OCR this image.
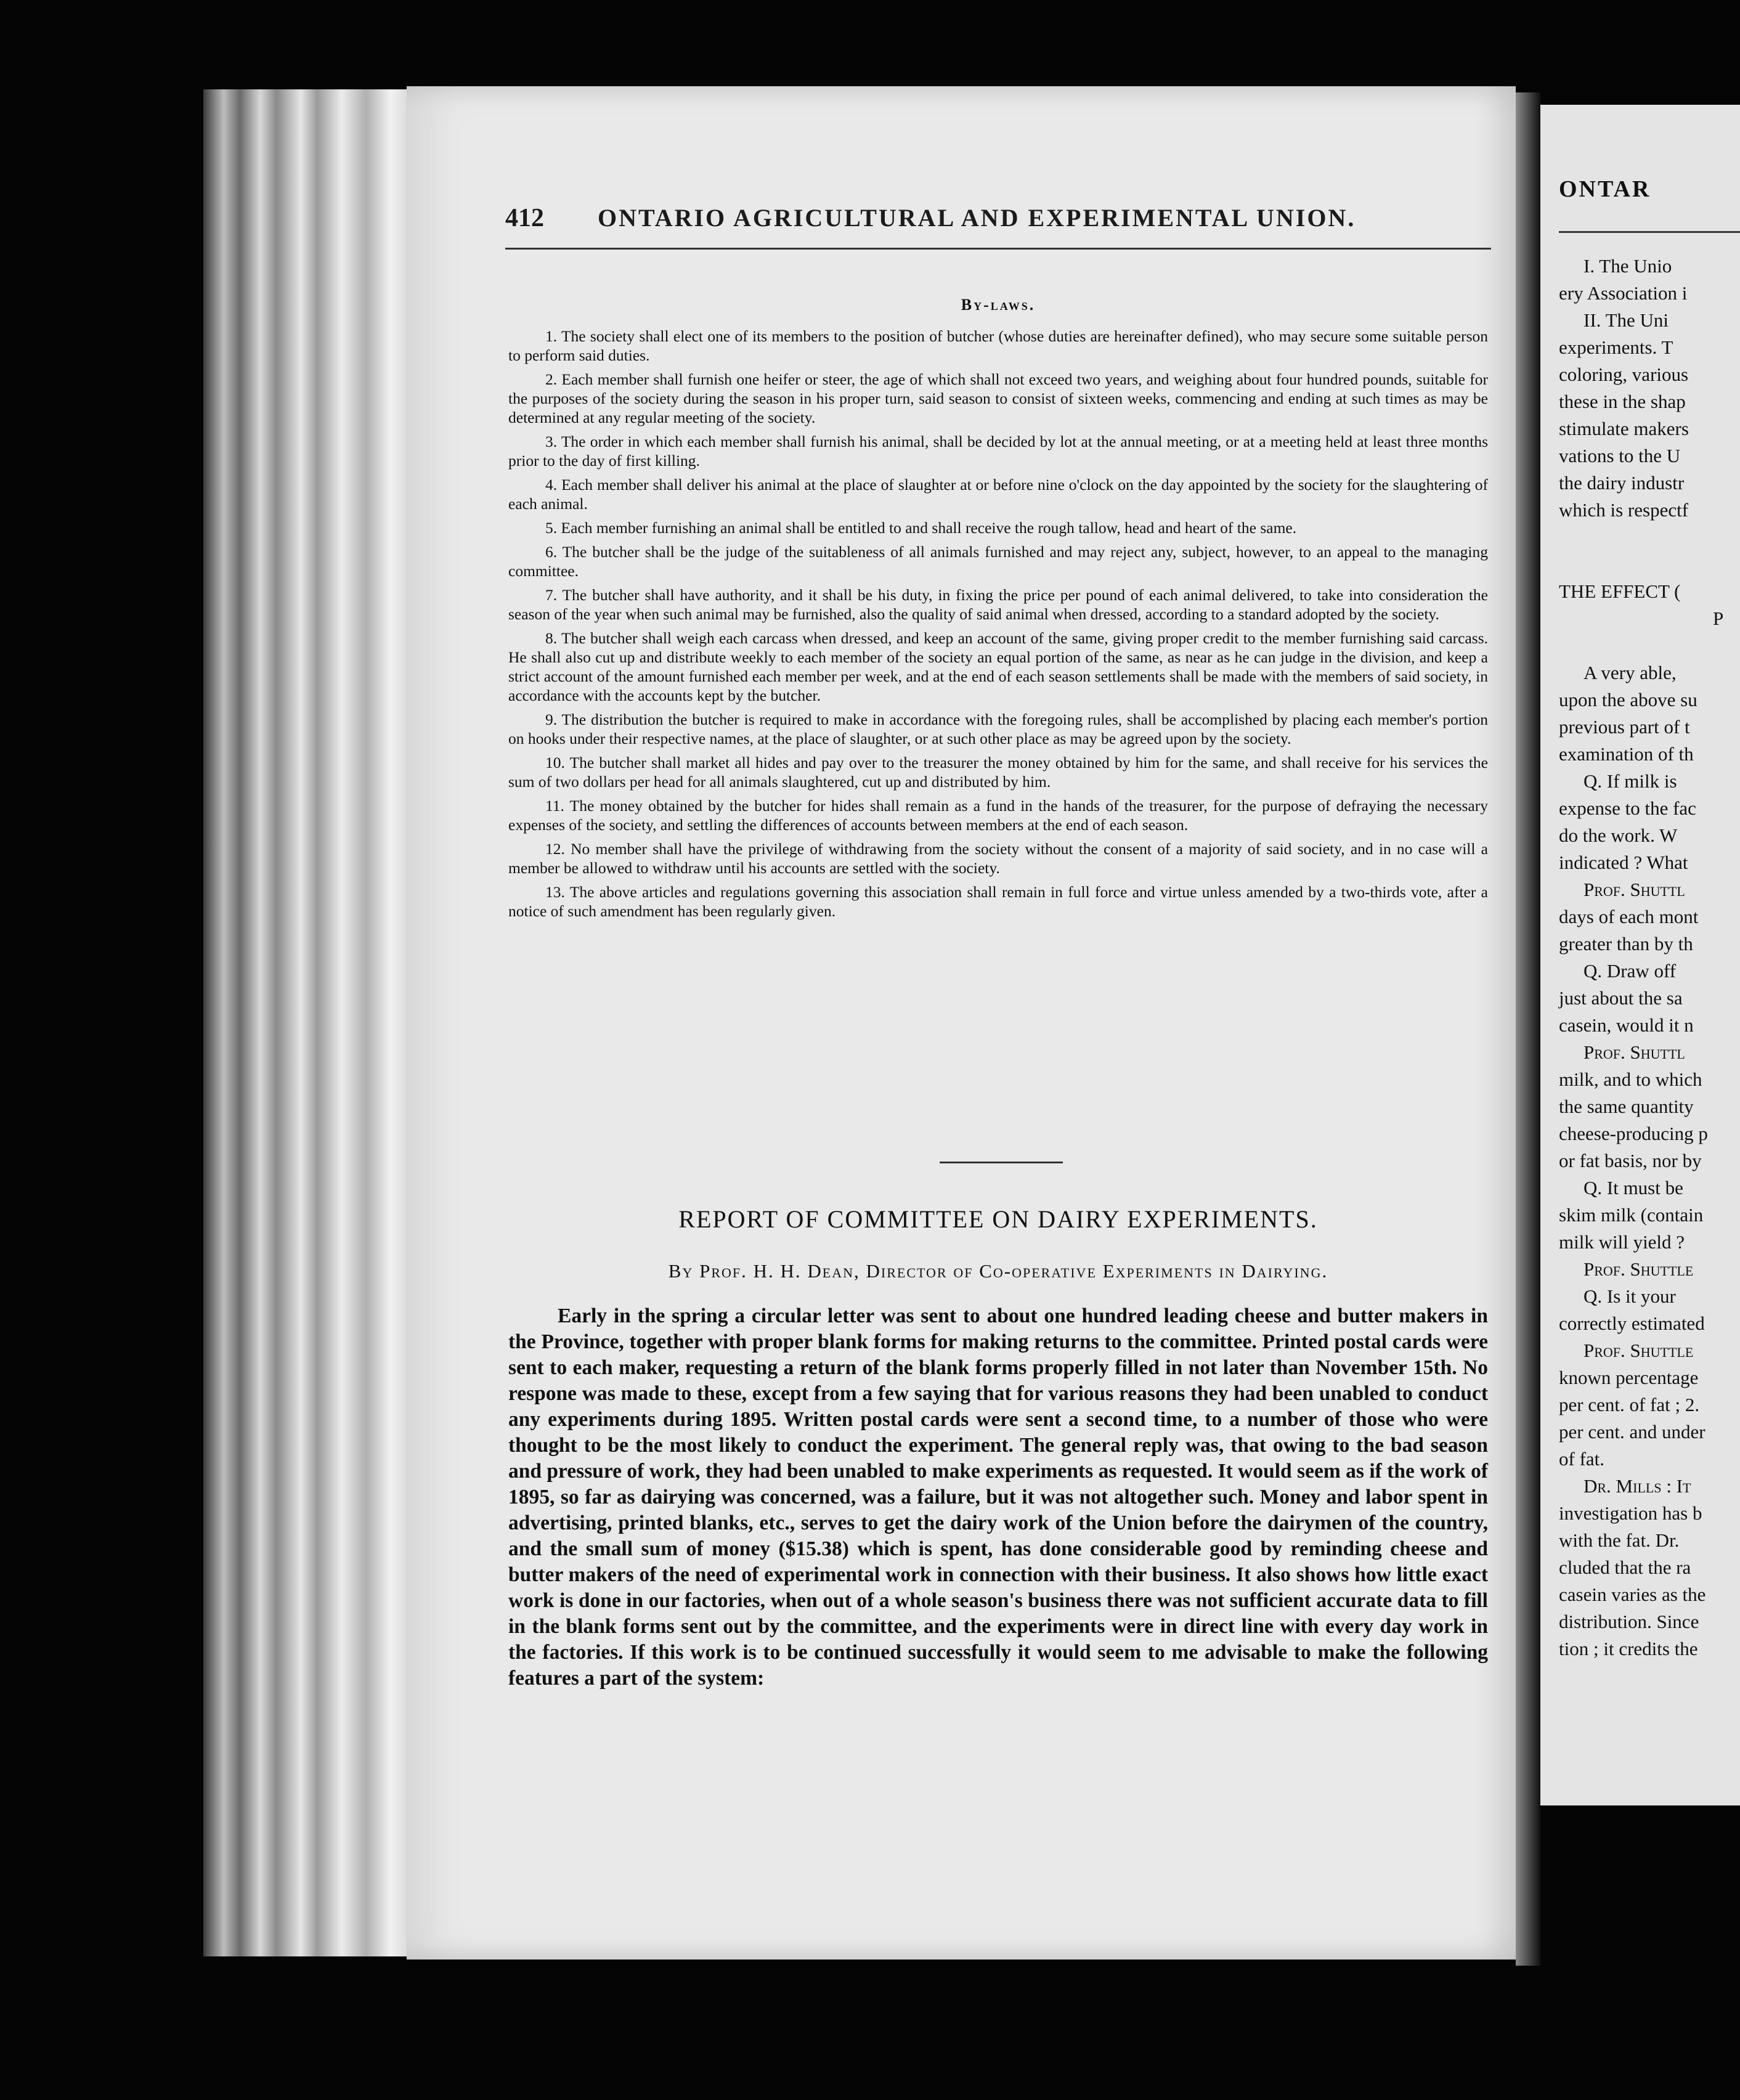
412 ONTARIO AGRICULTURAL AND EXPERIMENTAL UNION.
By-laws.

1. The society shall elect one of its members to the position of butcher (whose duties are hereinafter defined), who may secure some suitable person to perform said duties.

2. Each member shall furnish one heifer or steer, the age of which shall not exceed two years, and weighing about four hundred pounds, suitable for the purposes of the society during the season in his proper turn, said season to consist of sixteen weeks, commencing and ending at such times as may be determined at any regular meeting of the society.

3. The order in which each member shall furnish his animal, shall be decided by lot at the annual meeting, or at a meeting held at least three months prior to the day of first killing.

4. Each member shall deliver his animal at the place of slaughter at or before nine o'clock on the day appointed by the society for the slaughtering of each animal.

5. Each member furnishing an animal shall be entitled to and shall receive the rough tallow, head and heart of the same.

6. The butcher shall be the judge of the suitableness of all animals furnished and may reject any, subject, however, to an appeal to the managing committee.

7. The butcher shall have authority, and it shall be his duty, in fixing the price per pound of each animal delivered, to take into consideration the season of the year when such animal may be furnished, also the quality of said animal when dressed, according to a standard adopted by the society.

8. The butcher shall weigh each carcass when dressed, and keep an account of the same, giving proper credit to the member furnishing said carcass. He shall also cut up and distribute weekly to each member of the society an equal portion of the same, as near as he can judge in the division, and keep a strict account of the amount furnished each member per week, and at the end of each season settlements shall be made with the members of said society, in accordance with the accounts kept by the butcher.

9. The distribution the butcher is required to make in accordance with the foregoing rules, shall be accomplished by placing each member's portion on hooks under their respective names, at the place of slaughter, or at such other place as may be agreed upon by the society.

10. The butcher shall market all hides and pay over to the treasurer the money obtained by him for the same, and shall receive for his services the sum of two dollars per head for all animals slaughtered, cut up and distributed by him.

11. The money obtained by the butcher for hides shall remain as a fund in the hands of the treasurer, for the purpose of defraying the necessary expenses of the society, and settling the differences of accounts between members at the end of each season.

12. No member shall have the privilege of withdrawing from the society without the consent of a majority of said society, and in no case will a member be allowed to withdraw until his accounts are settled with the society.

13. The above articles and regulations governing this association shall remain in full force and virtue unless amended by a two-thirds vote, after a notice of such amendment has been regularly given.

REPORT OF COMMITTEE ON DAIRY EXPERIMENTS.
By Prof. H. H. Dean, Director of Co-operative Experiments in Dairying.

Early in the spring a circular letter was sent to about one hundred leading cheese and butter makers in the Province, together with proper blank forms for making returns to the committee. Printed postal cards were sent to each maker, requesting a return of the blank forms properly filled in not later than November 15th. No respone was made to these, except from a few saying that for various reasons they had been unabled to conduct any experiments during 1895. Written postal cards were sent a second time, to a number of those who were thought to be the most likely to conduct the experiment. The general reply was, that owing to the bad season and pressure of work, they had been unabled to make experiments as requested. It would seem as if the work of 1895, so far as dairying was concerned, was a failure, but it was not altogether such. Money and labor spent in advertising, printed blanks, etc., serves to get the dairy work of the Union before the dairymen of the country, and the small sum of money ($15.38) which is spent, has done considerable good by reminding cheese and butter makers of the need of experimental work in connection with their business. It also shows how little exact work is done in our factories, when out of a whole season's business there was not sufficient accurate data to fill in the blank forms sent out by the committee, and the experiments were in direct line with every day work in the factories. If this work is to be continued successfully it would seem to me advisable to make the following features a part of the system:

ONTAR
I. The Unio
ery Association i
II. The Uni
experiments. T
coloring, various
these in the shap
stimulate makers
vations to the U
the dairy industr
which is respectf
THE EFFECT (
P
A very able,
upon the above su
previous part of t
examination of th
Q. If milk is
expense to the fac
do the work. W
indicated ? What
Prof. Shuttl
days of each mont
greater than by th
Q. Draw off
just about the sa
casein, would it n
Prof. Shuttl
milk, and to which
the same quantity
cheese-producing p
or fat basis, nor by
Q. It must be
skim milk (contain
milk will yield ?
Prof. Shuttle
Q. Is it your
correctly estimated
Prof. Shuttle
known percentage
per cent. of fat ; 2.
per cent. and under
of fat.
Dr. Mills : It
investigation has b
with the fat. Dr.
cluded that the ra
casein varies as the
distribution. Since
tion ; it credits the
